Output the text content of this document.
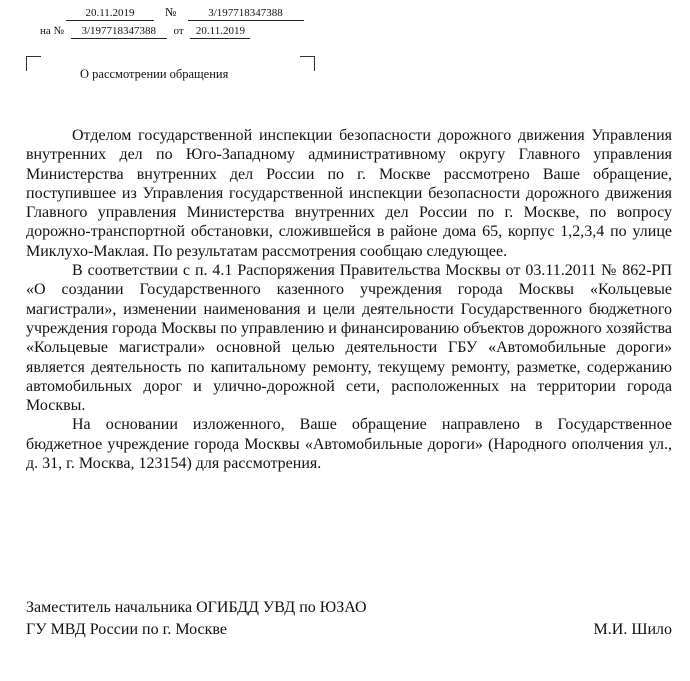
20.11.2019	№	3/197718347388
на № 3/197718347388 от 20.11.2019
О рассмотрении обращения

Отделом государственной инспекции безопасности дорожного движения Управления внутренних дел по Юго-Западному административному округу Главного управления Министерства внутренних дел России по г. Москве рассмотрено Ваше обращение, поступившее из Управления государственной инспекции безопасности дорожного движения Главного управления Министерства внутренних дел России по г. Москве, по вопросу дорожно-транспортной обстановки, сложившейся в районе дома 65, корпус 1,2,3,4 по улице Миклухо-Маклая. По результатам рассмотрения сообщаю следующее.

В соответствии с п. 4.1 Распоряжения Правительства Москвы от 03.11.2011 № 862-РП «О создании Государственного казенного учреждения города Москвы «Кольцевые магистрали», изменении наименования и цели деятельности Государственного бюджетного учреждения города Москвы по управлению и финансированию объектов дорожного хозяйства «Кольцевые магистрали» основной целью деятельности ГБУ «Автомобильные дороги» является деятельность по капитальному ремонту, текущему ремонту, разметке, содержанию автомобильных дорог и улично-дорожной сети, расположенных на территории города Москвы.

На основании изложенного, Ваше обращение направлено в Государственное бюджетное учреждение города Москвы «Автомобильные дороги» (Народного ополчения ул., д. 31, г. Москва, 123154) для рассмотрения.

Заместитель начальника ОГИБДД УВД по ЮЗАО
ГУ МВД России по г. Москве	М.И. Шило
